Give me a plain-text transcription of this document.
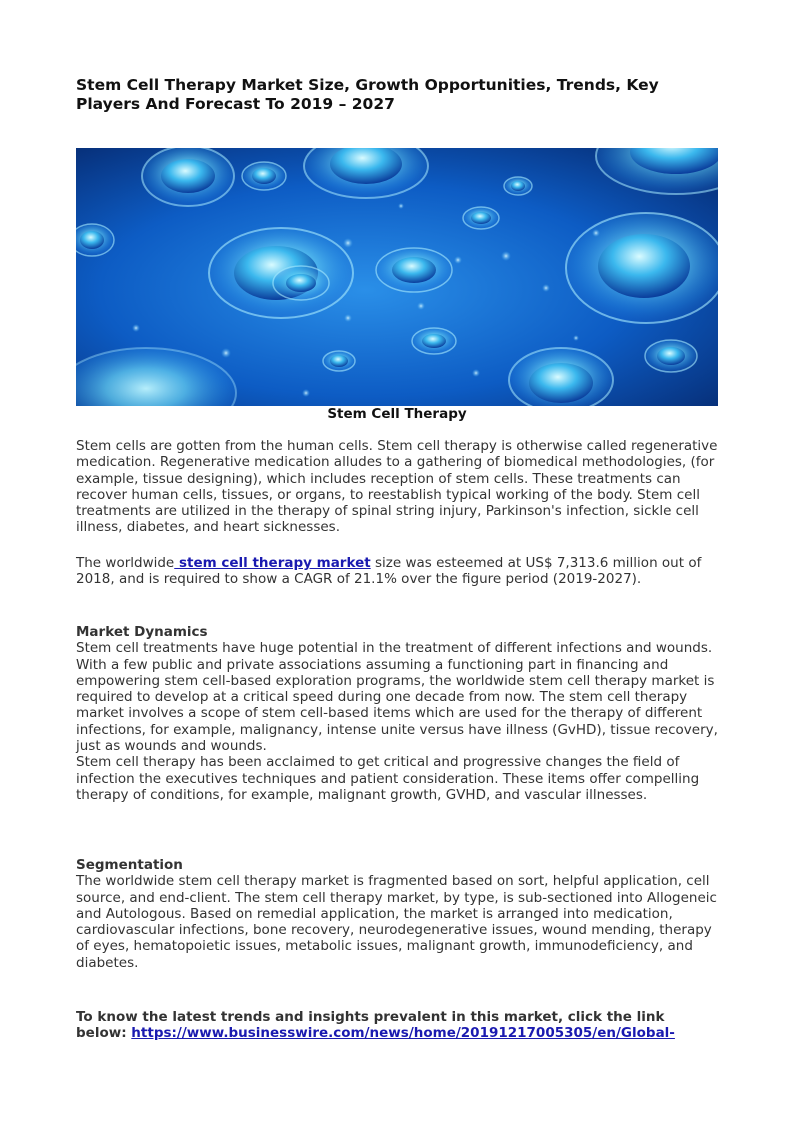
Stem Cell Therapy Market Size, Growth Opportunities, Trends, Key Players And Forecast To 2019 – 2027
Stem Cell Therapy

Stem cells are gotten from the human cells. Stem cell therapy is otherwise called regenerative medication. Regenerative medication alludes to a gathering of biomedical methodologies, (for example, tissue designing), which includes reception of stem cells. These treatments can recover human cells, tissues, or organs, to reestablish typical working of the body. Stem cell treatments are utilized in the therapy of spinal string injury, Parkinson's infection, sickle cell illness, diabetes, and heart sicknesses.

The worldwide stem cell therapy market size was esteemed at US$ 7,313.6 million out of 2018, and is required to show a CAGR of 21.1% over the figure period (2019-2027).

Market Dynamics
Stem cell treatments have huge potential in the treatment of different infections and wounds. With a few public and private associations assuming a functioning part in financing and empowering stem cell-based exploration programs, the worldwide stem cell therapy market is required to develop at a critical speed during one decade from now. The stem cell therapy market involves a scope of stem cell-based items which are used for the therapy of different infections, for example, malignancy, intense unite versus have illness (GvHD), tissue recovery, just as wounds and wounds.
Stem cell therapy has been acclaimed to get critical and progressive changes the field of infection the executives techniques and patient consideration. These items offer compelling therapy of conditions, for example, malignant growth, GVHD, and vascular illnesses.
Segmentation
The worldwide stem cell therapy market is fragmented based on sort, helpful application, cell source, and end-client. The stem cell therapy market, by type, is sub-sectioned into Allogeneic and Autologous. Based on remedial application, the market is arranged into medication, cardiovascular infections, bone recovery, neurodegenerative issues, wound mending, therapy of eyes, hematopoietic issues, metabolic issues, malignant growth, immunodeficiency, and diabetes.

To know the latest trends and insights prevalent in this market, click the link below: https://www.businesswire.com/news/home/20191217005305/en/Global-
